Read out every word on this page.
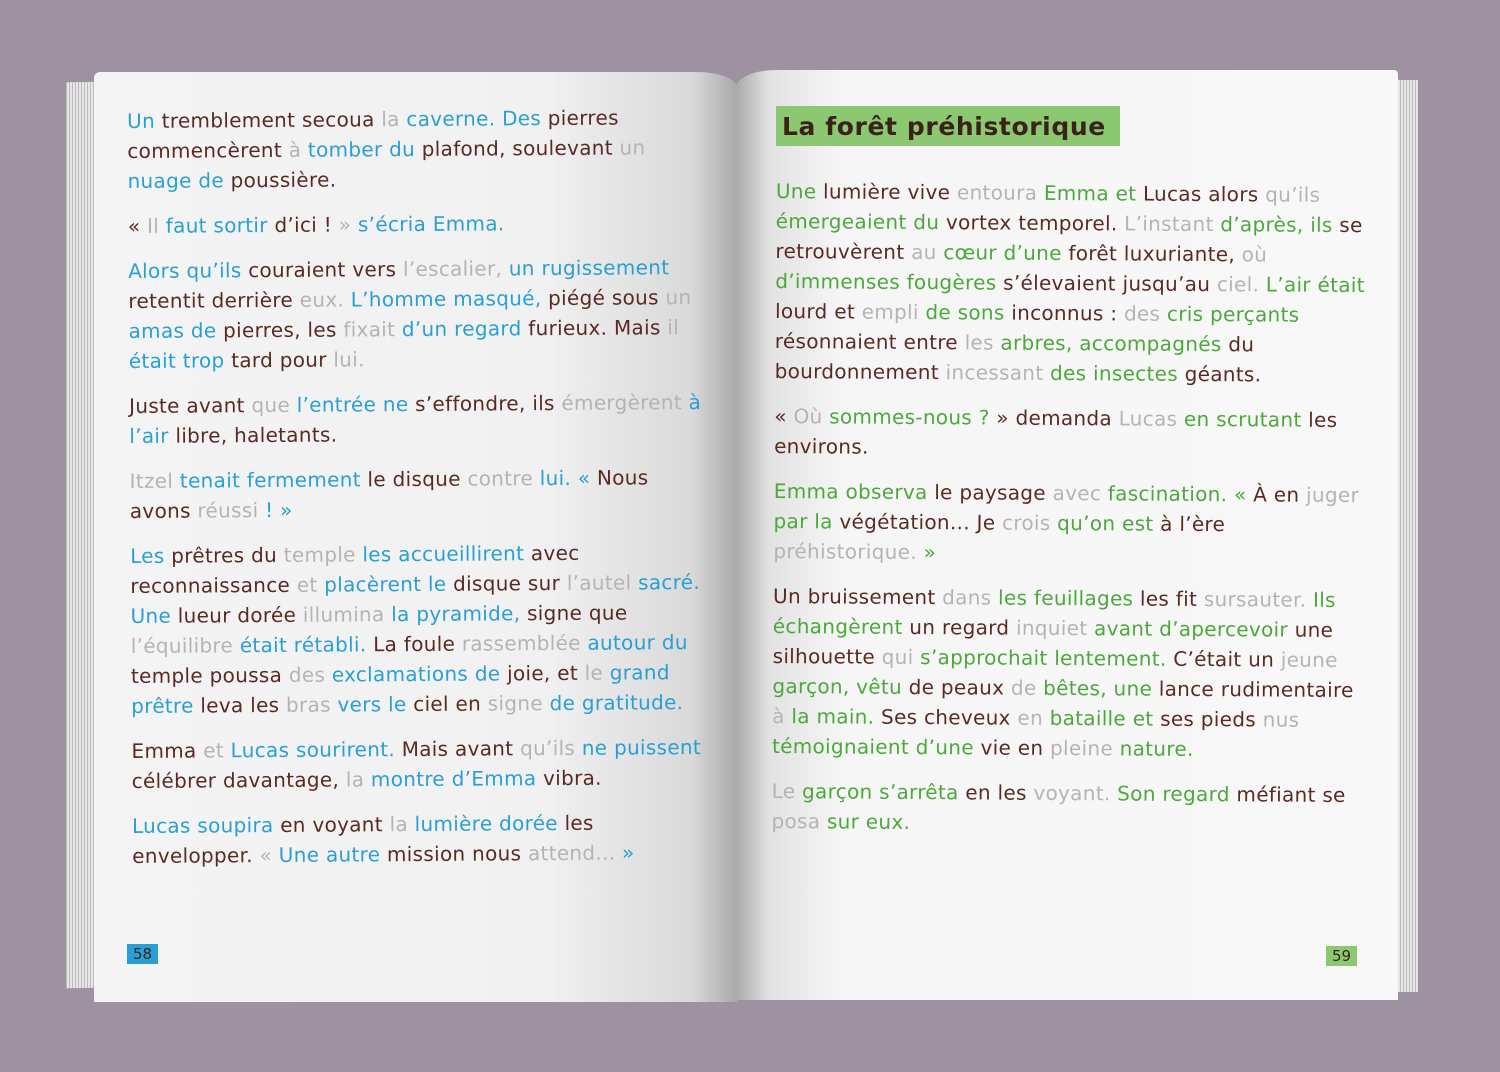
Un tremblement secoua la caverne. Des pierres commencèrent à tomber du plafond, soulevant un nuage de poussière.

« Il faut sortir d’ici ! » s’écria Emma.

Alors qu’ils couraient vers l’escalier, un rugissement retentit derrière eux. L’homme masqué, piégé sous un amas de pierres, les fixait d’un regard furieux. Mais il était trop tard pour lui.

Juste avant que l’entrée ne s’effondre, ils émergèrent à l’air libre, haletants.

Itzel tenait fermement le disque contre lui. « Nous avons réussi ! »

Les prêtres du temple les accueillirent avec reconnaissance et placèrent le disque sur l’autel sacré. Une lueur dorée illumina la pyramide, signe que l’équilibre était rétabli. La foule rassemblée autour du temple poussa des exclamations de joie, et le grand prêtre leva les bras vers le ciel en signe de gratitude.

Emma et Lucas sourirent. Mais avant qu’ils ne puissent célébrer davantage, la montre d’Emma vibra.

Lucas soupira en voyant la lumière dorée les envelopper. « Une autre mission nous attend... »

La forêt préhistorique

Une lumière vive entoura Emma et Lucas alors qu’ils émergeaient du vortex temporel. L’instant d’après, ils se retrouvèrent au cœur d’une forêt luxuriante, où d’immenses fougères s’élevaient jusqu’au ciel. L’air était lourd et empli de sons inconnus : des cris perçants résonnaient entre les arbres, accompagnés du bourdonnement incessant des insectes géants.

« Où sommes-nous ? » demanda Lucas en scrutant les environs.

Emma observa le paysage avec fascination. « À en juger par la végétation... Je crois qu’on est à l’ère préhistorique. »

Un bruissement dans les feuillages les fit sursauter. Ils échangèrent un regard inquiet avant d’apercevoir une silhouette qui s’approchait lentement. C’était un jeune garçon, vêtu de peaux de bêtes, une lance rudimentaire à la main. Ses cheveux en bataille et ses pieds nus témoignaient d’une vie en pleine nature.

Le garçon s’arrêta en les voyant. Son regard méfiant se posa sur eux.

58	59
